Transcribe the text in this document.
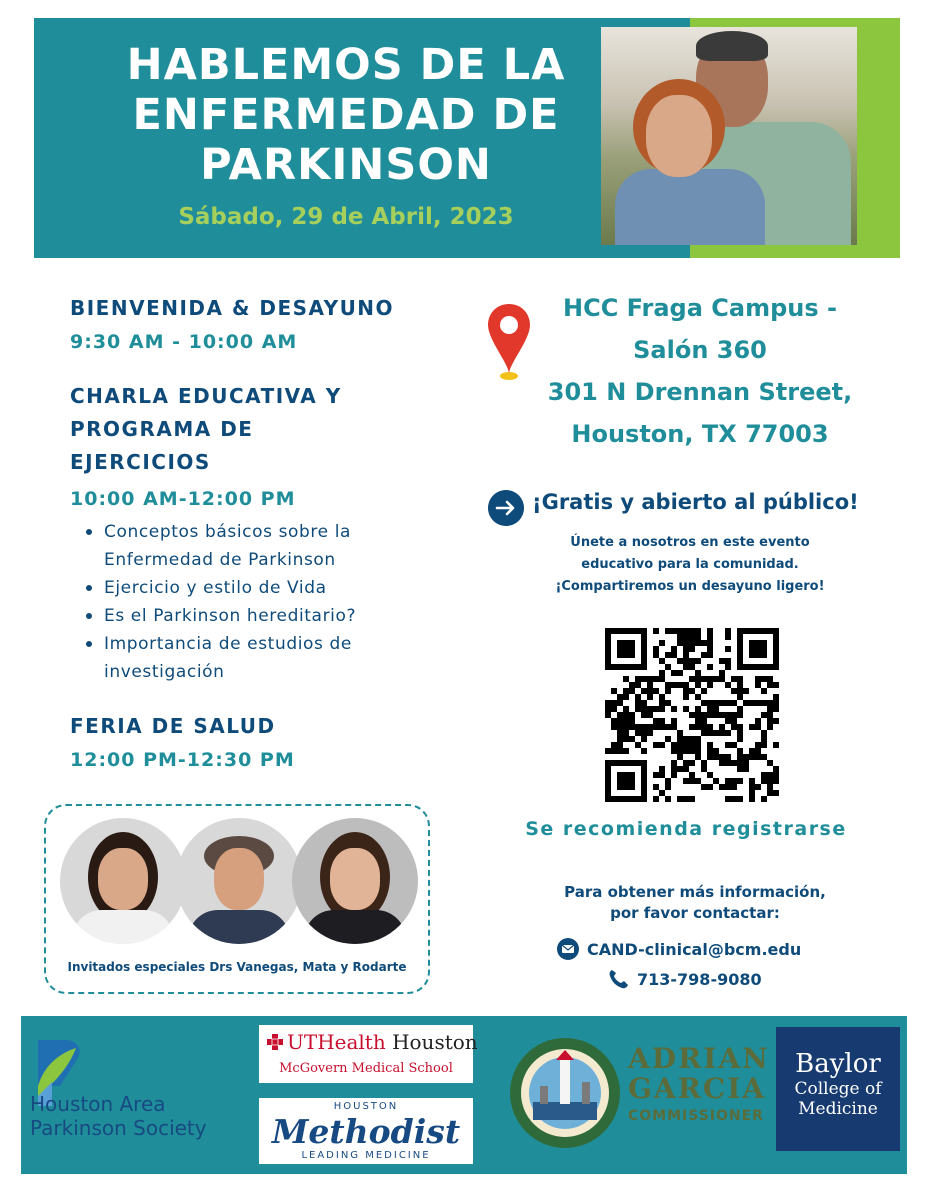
HABLEMOS DE LA ENFERMEDAD DE PARKINSON
Sábado, 29 de Abril, 2023
BIENVENIDA & DESAYUNO
9:30 AM - 10:00 AM
CHARLA EDUCATIVA Y PROGRAMA DE EJERCICIOS
10:00 AM-12:00 PM
Conceptos básicos sobre la Enfermedad de Parkinson
Ejercicio y estilo de Vida
Es el Parkinson hereditario?
Importancia de estudios de investigación
FERIA DE SALUD
12:00 PM-12:30 PM
Invitados especiales Drs Vanegas, Mata y Rodarte
HCC Fraga Campus -
Salón 360
301 N Drennan Street,
Houston, TX 77003
¡Gratis y abierto al público!
Únete a nosotros en este evento
educativo para la comunidad.
¡Compartiremos un desayuno ligero!
Se recomienda registrarse
Para obtener más información,
por favor contactar:
CAND-clinical@bcm.edu
713-798-9080
Houston Area
Parkinson Society
UTHealth Houston
McGovern Medical School
HOUSTON
Methodist
LEADING MEDICINE
ADRIAN
GARCIA
COMMISSIONER
Baylor
College of
Medicine
